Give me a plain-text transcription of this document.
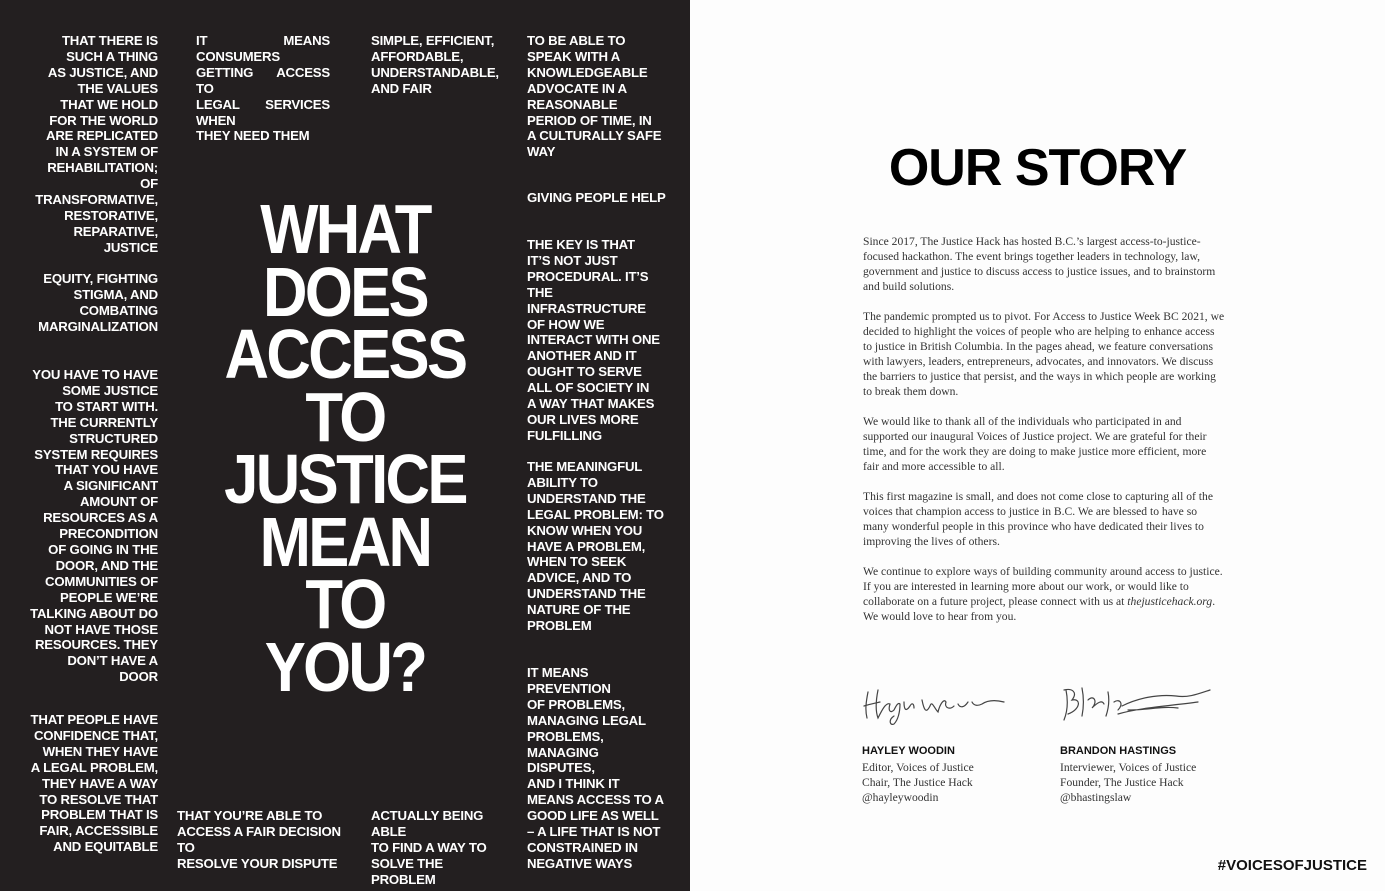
THAT THERE IS
SUCH A THING
AS JUSTICE, AND
THE VALUES
THAT WE HOLD
FOR THE WORLD
ARE REPLICATED
IN A SYSTEM OF
REHABILITATION; OF
TRANSFORMATIVE,
RESTORATIVE,
REPARATIVE,
JUSTICE
EQUITY, FIGHTING
STIGMA, AND
COMBATING
MARGINALIZATION
YOU HAVE TO HAVE
SOME JUSTICE
TO START WITH.
THE CURRENTLY
STRUCTURED
SYSTEM REQUIRES
THAT YOU HAVE
A SIGNIFICANT
AMOUNT OF
RESOURCES AS A
PRECONDITION
OF GOING IN THE
DOOR, AND THE
COMMUNITIES OF
PEOPLE WE’RE
TALKING ABOUT DO
NOT HAVE THOSE
RESOURCES. THEY
DON’T HAVE A
DOOR
THAT PEOPLE HAVE
CONFIDENCE THAT,
WHEN THEY HAVE
A LEGAL PROBLEM,
THEY HAVE A WAY
TO RESOLVE THAT
PROBLEM THAT IS
FAIR, ACCESSIBLE
AND EQUITABLE
IT MEANS CONSUMERS
GETTING ACCESS TO
LEGAL SERVICES WHEN
THEY NEED THEM
THAT YOU’RE ABLE TO
ACCESS A FAIR DECISION TO
RESOLVE YOUR DISPUTE
SIMPLE, EFFICIENT,
AFFORDABLE,
UNDERSTANDABLE,
AND FAIR
ACTUALLY BEING ABLE
TO FIND A WAY TO
SOLVE THE PROBLEM
TO BE ABLE TO
SPEAK WITH A
KNOWLEDGEABLE
ADVOCATE IN A
REASONABLE
PERIOD OF TIME, IN
A CULTURALLY SAFE
WAY
GIVING PEOPLE HELP
THE KEY IS THAT
IT’S NOT JUST
PROCEDURAL. IT’S
THE INFRASTRUCTURE
OF HOW WE
INTERACT WITH ONE
ANOTHER AND IT
OUGHT TO SERVE
ALL OF SOCIETY IN
A WAY THAT MAKES
OUR LIVES MORE
FULFILLING
THE MEANINGFUL
ABILITY TO
UNDERSTAND THE
LEGAL PROBLEM: TO
KNOW WHEN YOU
HAVE A PROBLEM,
WHEN TO SEEK
ADVICE, AND TO
UNDERSTAND THE
NATURE OF THE
PROBLEM
IT MEANS
PREVENTION
OF PROBLEMS,
MANAGING LEGAL
PROBLEMS,
MANAGING DISPUTES,
AND I THINK IT
MEANS ACCESS TO A
GOOD LIFE AS WELL
– A LIFE THAT IS NOT
CONSTRAINED IN
NEGATIVE WAYS
WHAT
DOES
ACCESS
TO
JUSTICE
MEAN
TO
YOU?
OUR STORY

Since 2017, The Justice Hack has hosted B.C.’s largest access-to-justice-focused hackathon. The event brings together leaders in technology, law, government and justice to discuss access to justice issues, and to brainstorm and build solutions.

The pandemic prompted us to pivot. For Access to Justice Week BC 2021, we decided to highlight the voices of people who are helping to enhance access to justice in British Columbia. In the pages ahead, we feature conversations with lawyers, leaders, entrepreneurs, advocates, and innovators. We discuss the barriers to justice that persist, and the ways in which people are working to break them down.

We would like to thank all of the individuals who participated in and supported our inaugural Voices of Justice project. We are grateful for their time, and for the work they are doing to make justice more efficient, more fair and more accessible to all.

This first magazine is small, and does not come close to capturing all of the voices that champion access to justice in B.C. We are blessed to have so many wonderful people in this province who have dedicated their lives to improving the lives of others.

We continue to explore ways of building community around access to justice. If you are interested in learning more about our work, or would like to collaborate on a future project, please connect with us at thejusticehack.org. We would love to hear from you.

HAYLEY WOODIN
Editor, Voices of Justice
Chair, The Justice Hack
@hayleywoodin
BRANDON HASTINGS
Interviewer, Voices of Justice
Founder, The Justice Hack
@bhastingslaw
#VOICESOFJUSTICE
